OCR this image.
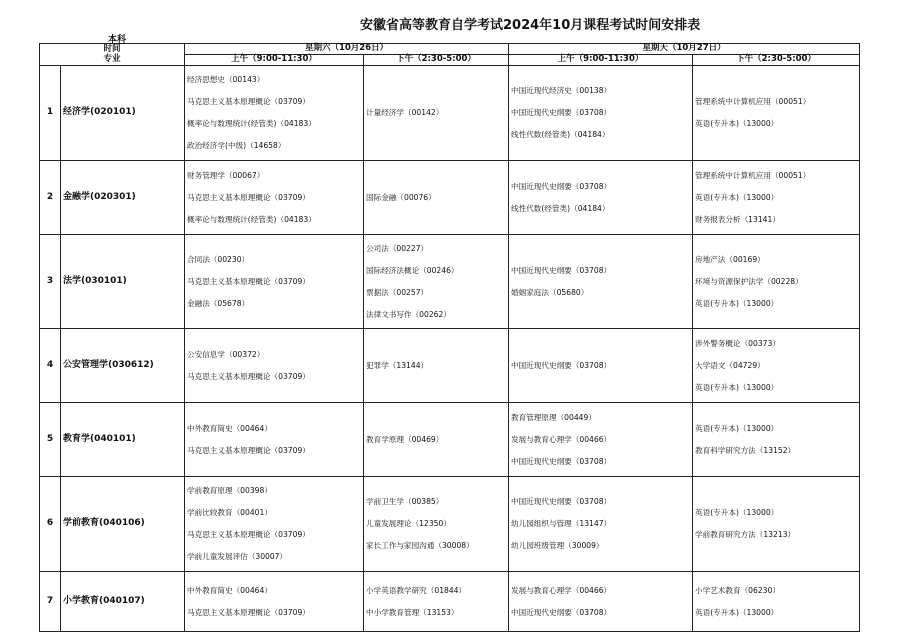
安徽省高等教育自学考试2024年10月课程考试时间安排表
本科
时间
专业		星期六（10月26日）		星期天（10月27日）	
		上午（9:00-11:30）	下午（2:30-5:00）	上午（9:00-11:30）	下午（2:30-5:00）
1	经济学(020101)	经济思想史（00143）
马克思主义基本原理概论（03709）
概率论与数理统计(经管类)（04183）
政治经济学(中级)（14658）	计量经济学（00142）	中国近现代经济史（00138）
中国近现代史纲要（03708）
线性代数(经管类)（04184）	管理系统中计算机应用（00051）
英语(专升本)（13000）

2	金融学(020301)	财务管理学（00067）
马克思主义基本原理概论（03709）
概率论与数理统计(经管类)（04183）	国际金融（00076）	中国近现代史纲要（03708）
线性代数(经管类)（04184）	管理系统中计算机应用（00051）
英语(专升本)（13000）
财务报表分析（13141）

3	法学(030101)	合同法（00230）
马克思主义基本原理概论（03709）
金融法（05678）	公司法（00227）
国际经济法概论（00246）
票据法（00257）
法律文书写作（00262）	中国近现代史纲要（03708）
婚姻家庭法（05680）	房地产法（00169）
环境与资源保护法学（00228）
英语(专升本)（13000）

4	公安管理学(030612)	公安信息学（00372）
马克思主义基本原理概论（03709）	犯罪学（13144）	中国近现代史纲要（03708）	涉外警务概论（00373）
大学语文（04729）
英语(专升本)（13000）

5	教育学(040101)	中外教育简史（00464）
马克思主义基本原理概论（03709）	教育学原理（00469）	教育管理原理（00449）
发展与教育心理学（00466）
中国近现代史纲要（03708）	英语(专升本)（13000）
教育科学研究方法（13152）

6	学前教育(040106)	学前教育原理（00398）
学前比较教育（00401）
马克思主义基本原理概论（03709）
学前儿童发展评估（30007）	学前卫生学（00385）
儿童发展理论（12350）
家长工作与家园沟通（30008）	中国近现代史纲要（03708）
幼儿园组织与管理（13147）
幼儿园班级管理（30009）	英语(专升本)（13000）
学前教育研究方法（13213）

7	小学教育(040107)	中外教育简史（00464）
马克思主义基本原理概论（03709）	小学英语教学研究（01844）
中小学教育管理（13153）	发展与教育心理学（00466）
中国近现代史纲要（03708）	小学艺术教育（06230）
英语(专升本)（13000）
